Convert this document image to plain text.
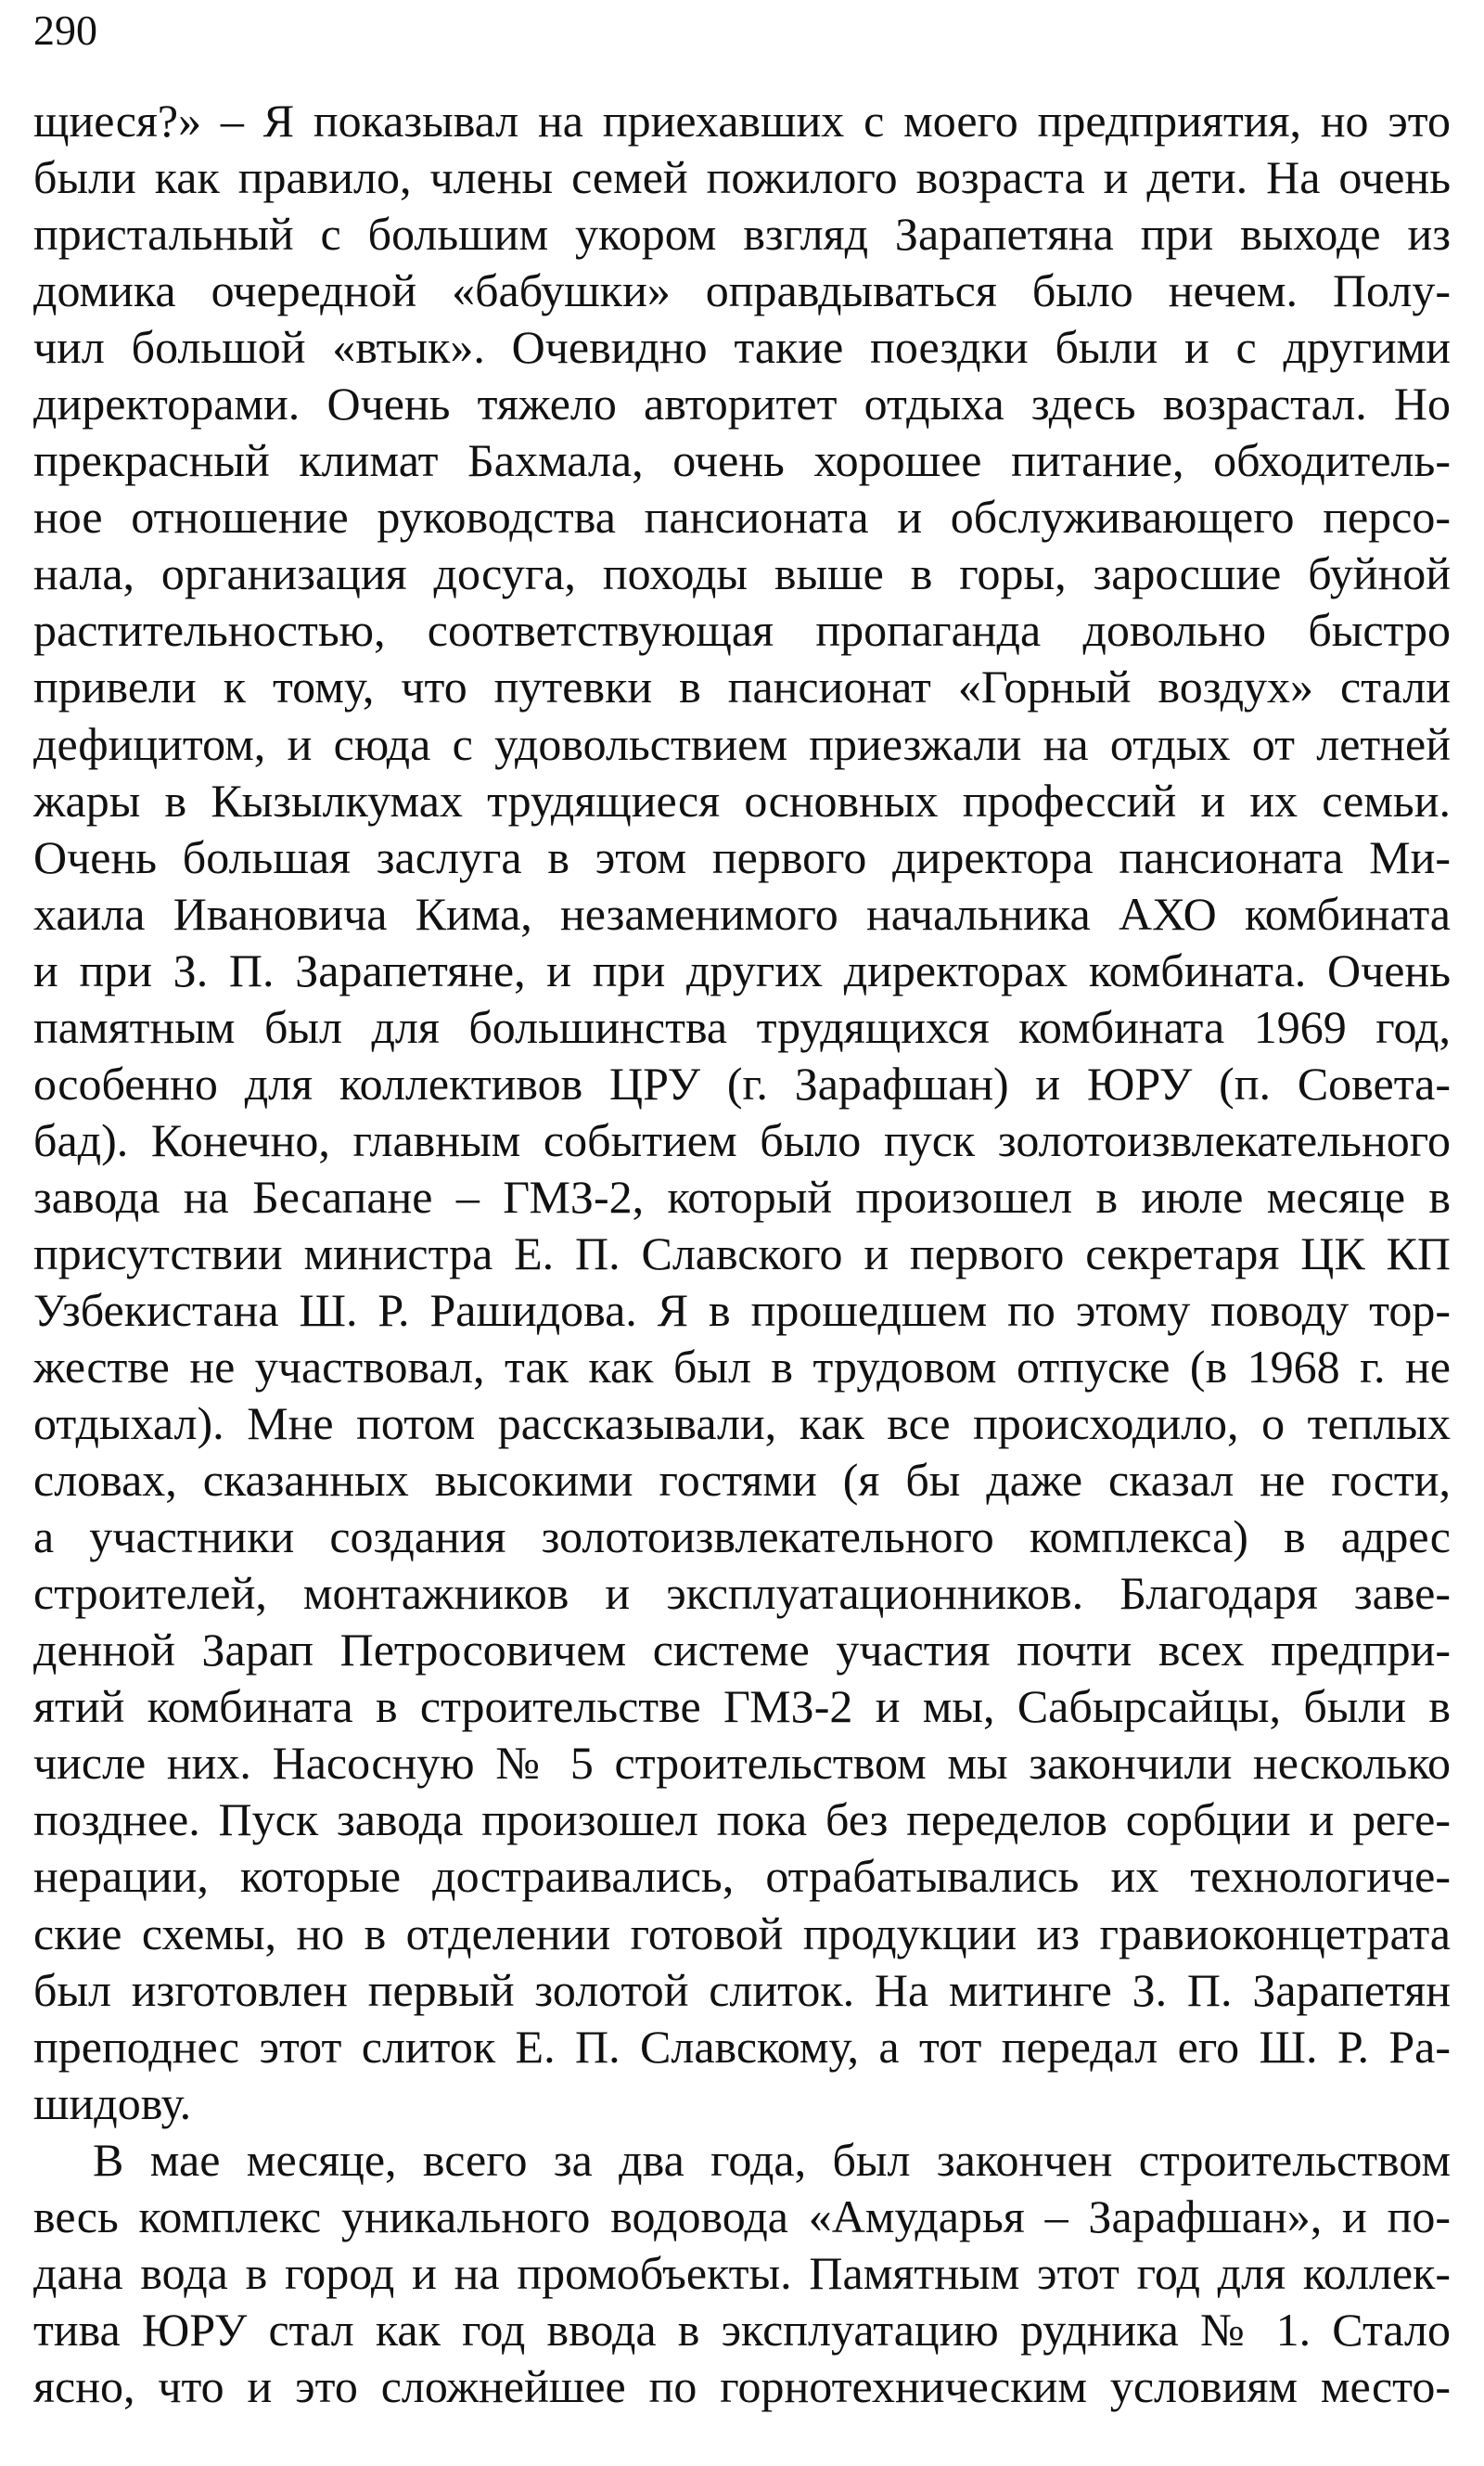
290
щиеся?» – Я показывал на приехавших с моего предприятия, но это
были как правило, члены семей пожилого возраста и дети. На очень
пристальный с большим укором взгляд Зарапетяна при выходе из
домика очередной «бабушки» оправдываться было нечем. Полу-
чил большой «втык». Очевидно такие поездки были и с другими
директорами. Очень тяжело авторитет отдыха здесь возрастал. Но
прекрасный климат Бахмала, очень хорошее питание, обходитель-
ное отношение руководства пансионата и обслуживающего персо-
нала, организация досуга, походы выше в горы, заросшие буйной
растительностью, соответствующая пропаганда довольно быстро
привели к тому, что путевки в пансионат «Горный воздух» стали
дефицитом, и сюда с удовольствием приезжали на отдых от летней
жары в Кызылкумах трудящиеся основных профессий и их семьи.
Очень большая заслуга в этом первого директора пансионата Ми-
хаила Ивановича Кима, незаменимого начальника АХО комбината
и при З. П. Зарапетяне, и при других директорах комбината. Очень
памятным был для большинства трудящихся комбината 1969 год,
особенно для коллективов ЦРУ (г. Зарафшан) и ЮРУ (п. Совета-
бад). Конечно, главным событием было пуск золотоизвлекательного
завода на Бесапане – ГМЗ-2, который произошел в июле месяце в
присутствии министра Е. П. Славского и первого секретаря ЦК КП
Узбекистана Ш. Р. Рашидова. Я в прошедшем по этому поводу тор-
жестве не участвовал, так как был в трудовом отпуске (в 1968 г. не
отдыхал). Мне потом рассказывали, как все происходило, о теплых
словах, сказанных высокими гостями (я бы даже сказал не гости,
а участники создания золотоизвлекательного комплекса) в адрес
строителей, монтажников и эксплуатационников. Благодаря заве-
денной Зарап Петросовичем системе участия почти всех предпри-
ятий комбината в строительстве ГМЗ-2 и мы, Сабырсайцы, были в
числе них. Насосную № 5 строительством мы закончили несколько
позднее. Пуск завода произошел пока без переделов сорбции и реге-
нерации, которые достраивались, отрабатывались их технологиче-
ские схемы, но в отделении готовой продукции из гравиоконцетрата
был изготовлен первый золотой слиток. На митинге З. П. Зарапетян
преподнес этот слиток Е. П. Славскому, а тот передал его Ш. Р. Ра-
шидову.
В мае месяце, всего за два года, был закончен строительством
весь комплекс уникального водовода «Амударья – Зарафшан», и по-
дана вода в город и на промобъекты. Памятным этот год для коллек-
тива ЮРУ стал как год ввода в эксплуатацию рудника № 1. Стало
ясно, что и это сложнейшее по горнотехническим условиям место-
